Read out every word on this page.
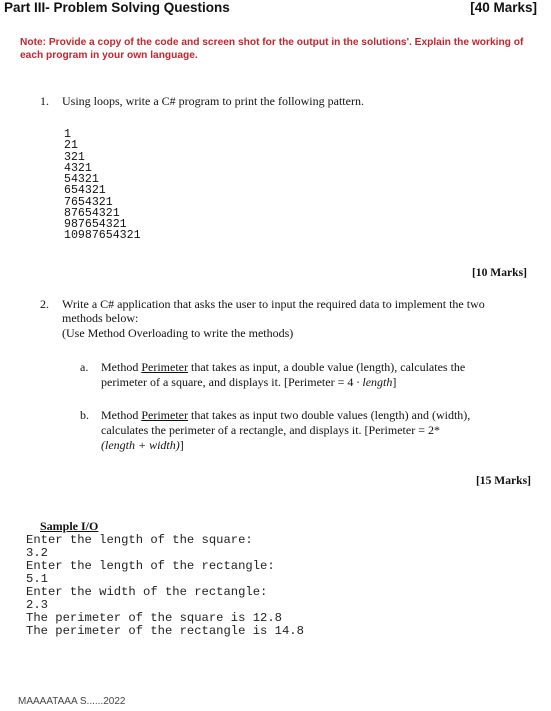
Part III- Problem Solving Questions	[40 Marks]
Note: Provide a copy of the code and screen shot for the output in the solutions'. Explain the working of each program in your own language.
1. Using loops, write a C# program to print the following pattern.
1
21
321
4321
54321
654321
7654321
87654321
987654321
10987654321
[10 Marks]
2. Write a C# application that asks the user to input the required data to implement the two
methods below:
(Use Method Overloading to write the methods)
a. Method Perimeter that takes as input, a double value (length), calculates the
perimeter of a square, and displays it. [Perimeter = 4 ∙ length]
b. Method Perimeter that takes as input two double values (length) and (width),
calculates the perimeter of a rectangle, and displays it. [Perimeter = 2*
(length + width)]
[15 Marks]
Sample I/O
Enter the length of the square:
3.2
Enter the length of the rectangle:
5.1
Enter the width of the rectangle:
2.3
The perimeter of the square is 12.8
The perimeter of the rectangle is 14.8
MAAAATAAA S......2022
